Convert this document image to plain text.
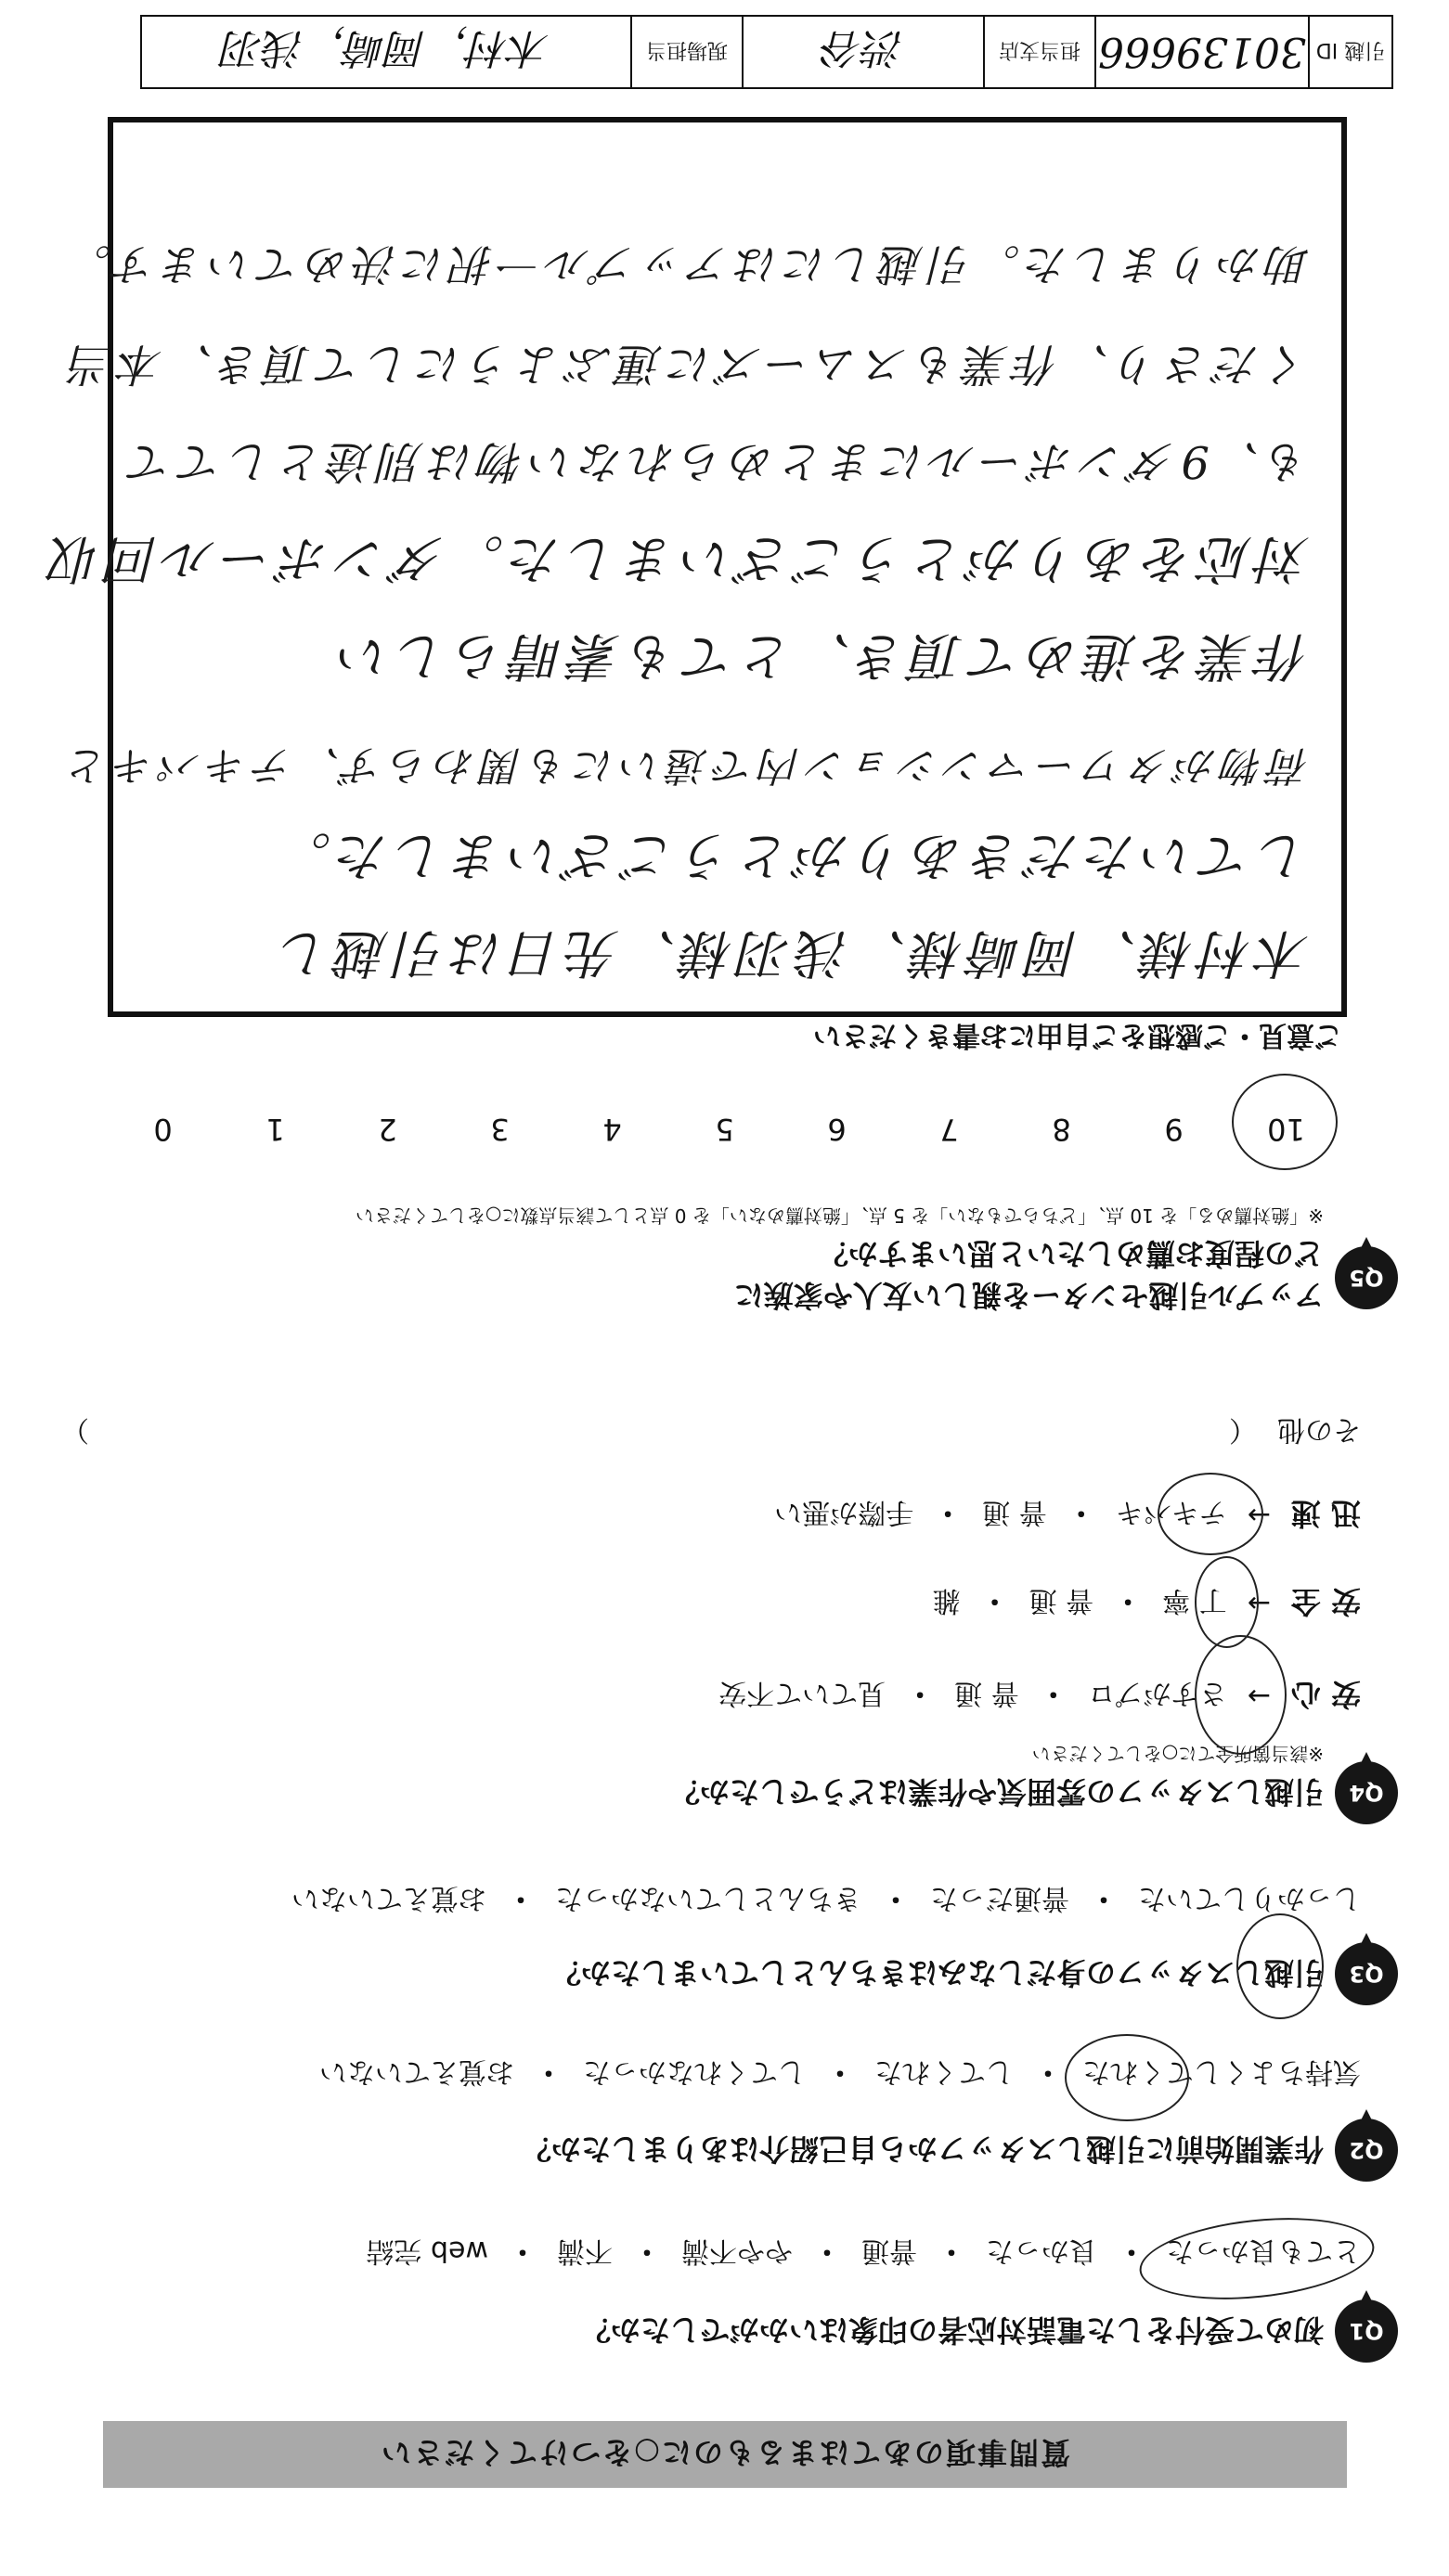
質問事項のあてはまるものに○をつけてください
Q1
初めて受付をした電話対応者の印象はいかがでしたか？
とても良かった
・
良かった
・
普通
・
やや不満
・
不満
・
web 完結
Q2
作業開始前に引越しスタッフから自己紹介はありましたか？
気持ちよくしてくれた
・
してくれた
・
してくれなかった
・
お覚えていない
Q3
引越しスタッフの身だしなみはきちんとしていましたか？
しっかりしていた
・
普通だった
・
きちんとしていなかった
・
お覚えていない
Q4
引越しスタッフの雰囲気や作業はどうでしたか？
※該当箇所全てに○をしてください
安 心
→
さすがプロ
・
普 通
・
見ていて不安
安 全
→
丁 寧
・
普 通
・
雑
迅 速
→
テキパキ
・
普 通
・
手際が悪い
その他
（
）
Q5
アップル引越センターを親しい友人や家族に
どの程度お薦めしたいと思いますか？
※「絶対薦める」を 10 点、「どちらでもない」を 5 点、「絶対薦めない」を 0 点として該当点数に○をしてください
10
9
8
7
6
5
4
3
2
1
0
ご意見・ご感想をご自由にお書きください
木村様、岡崎様、浅羽様、先日は引越し
していただきありがとうございました。
荷物がタワーマンション内で遠いにも関わらず、テキパキと
作業を進めて頂き、とても素晴らしい
対応をありがとうございました。ダンボール回収
も、9ダンボールにまとめられない物は別途としてて
くださり、作業もスムーズに運ぶようにして頂き、本当
助かりました。引越しにはアップル一択に決めています。
引越 ID
30139666
担当支店
渋谷
現場担当
木村，岡崎，浅羽
